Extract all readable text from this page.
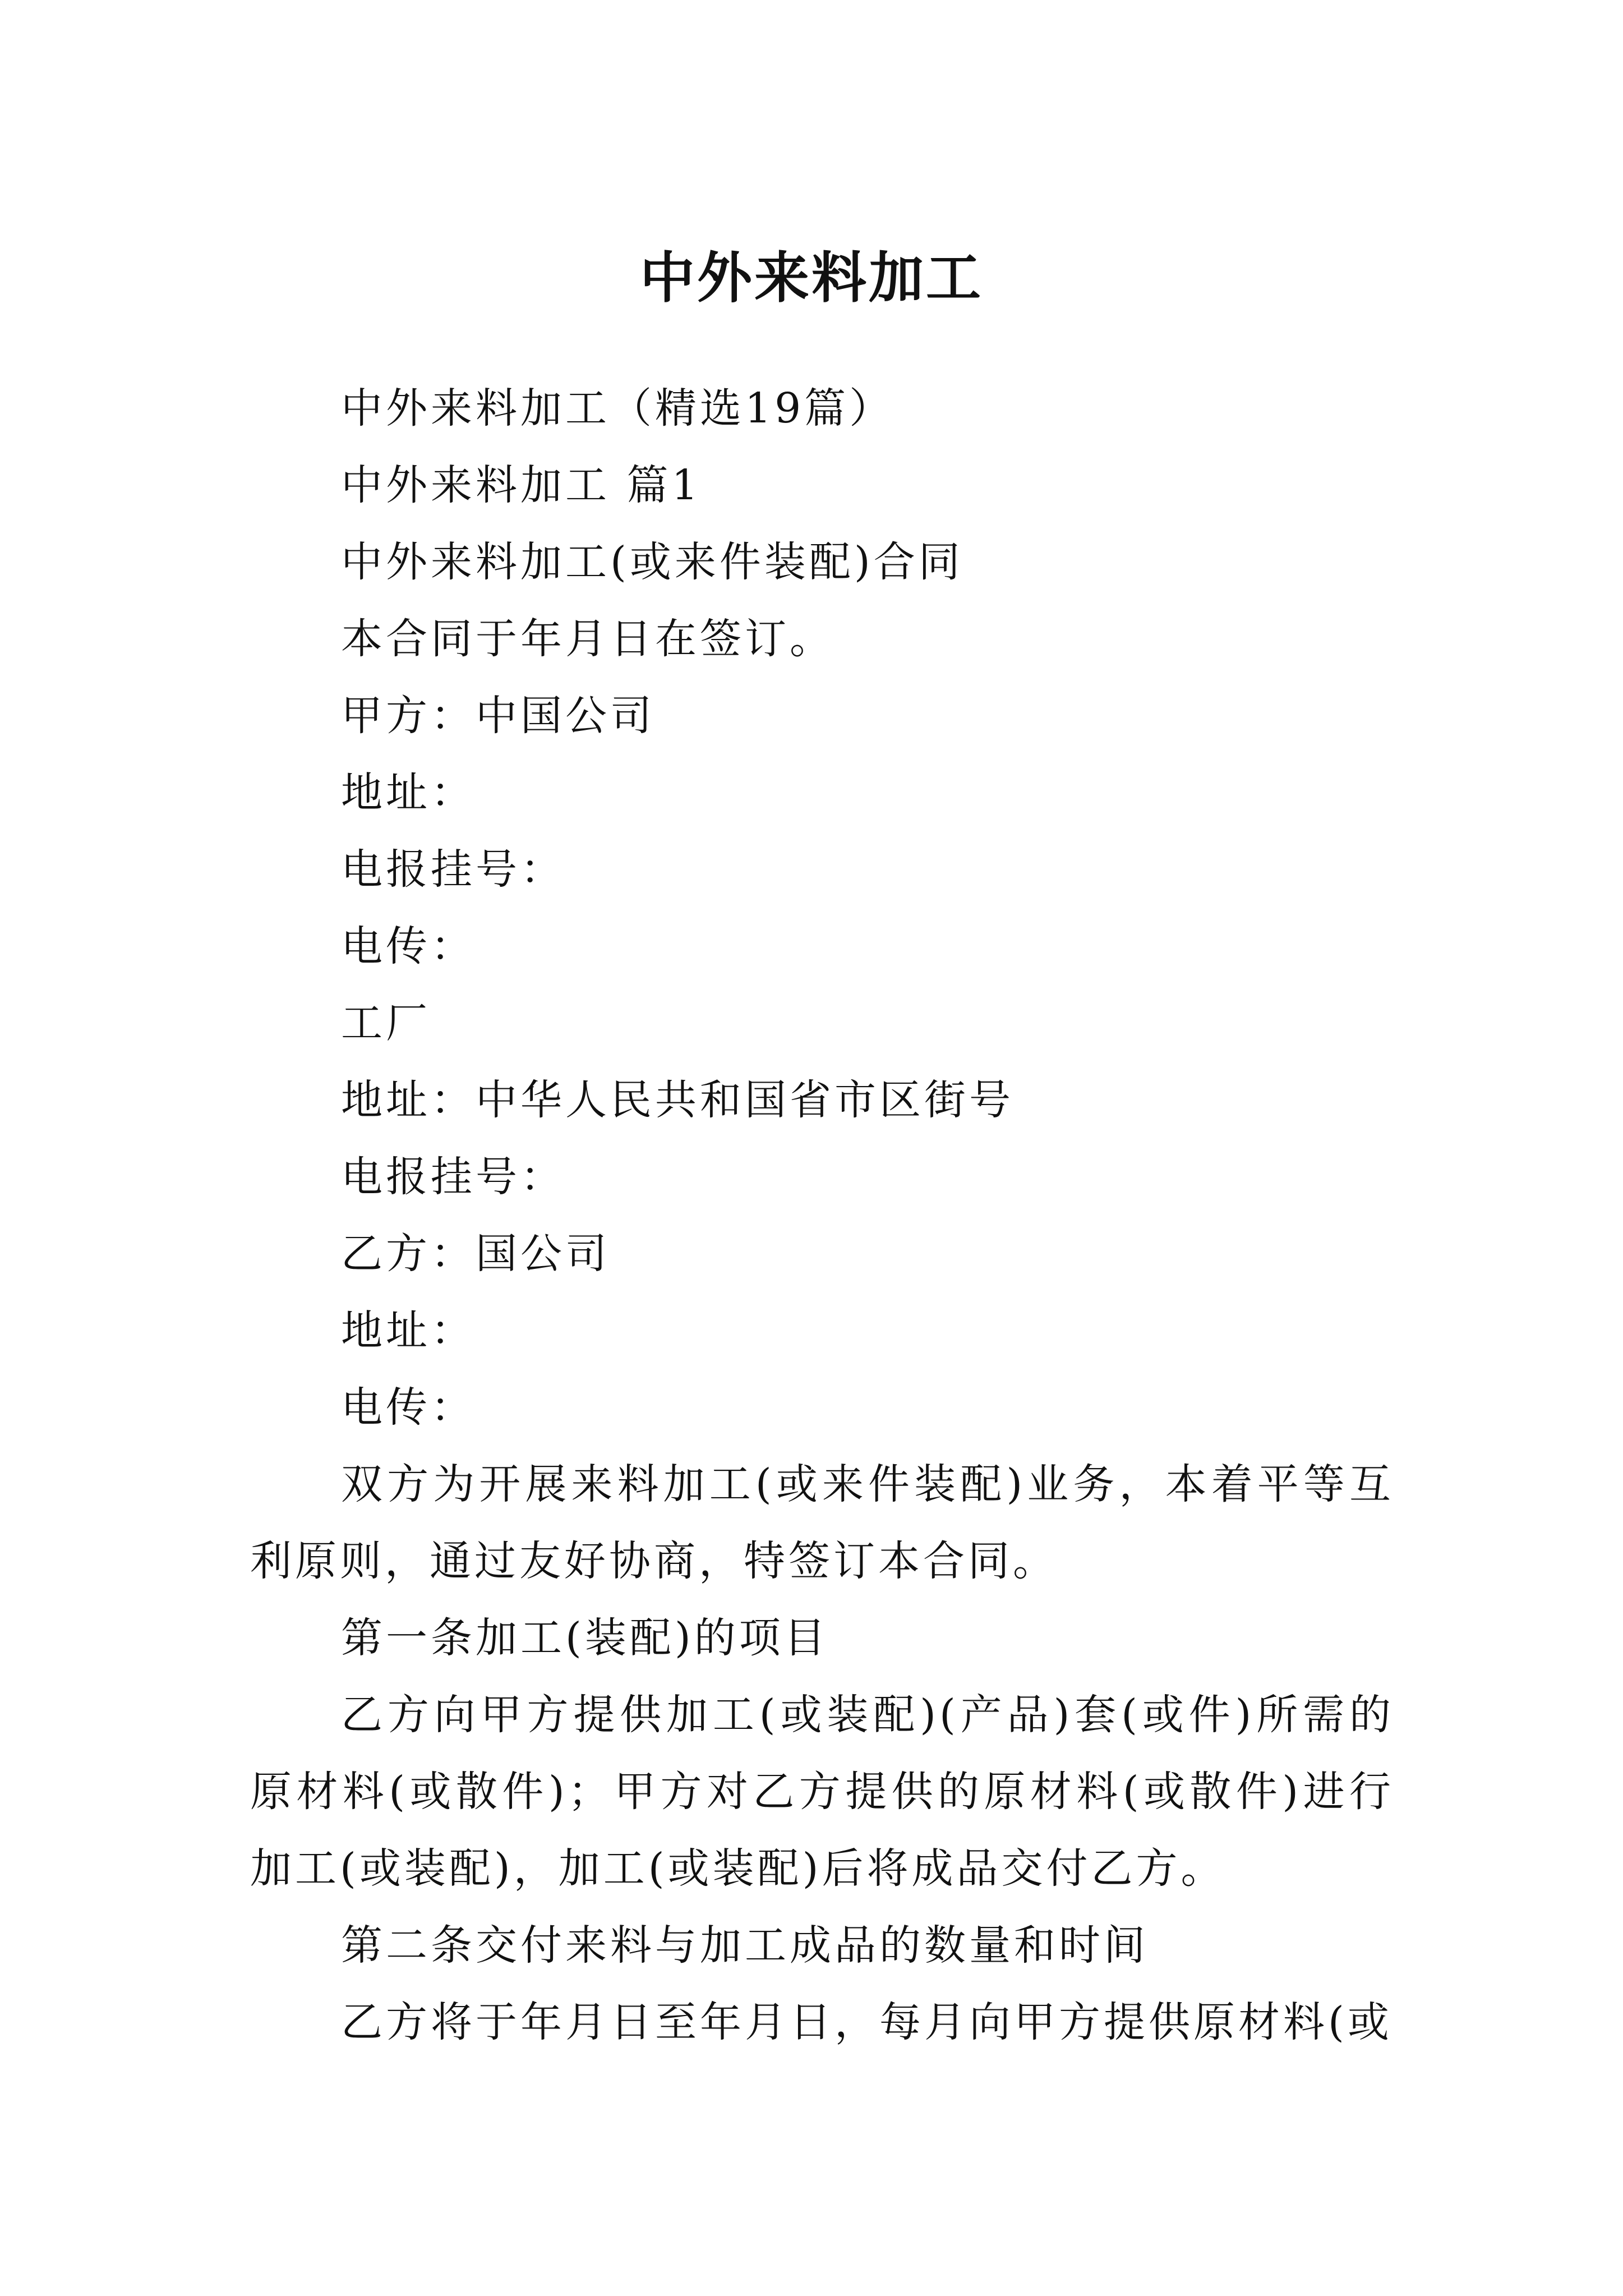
中外来料加工

中外来料加工（精选19篇）

中外来料加工 篇1

中外来料加工(或来件装配)合同

本合同于年月日在签订。

甲方：中国公司

地址：

电报挂号：

电传：

工厂

地址：中华人民共和国省市区街号

电报挂号：

乙方：国公司

地址：

电传：

双方为开展来料加工(或来件装配)业务，本着平等互利原则，通过友好协商，特签订本合同。

第一条加工(装配)的项目

乙方向甲方提供加工(或装配)(产品)套(或件)所需的原材料(或散件)；甲方对乙方提供的原材料(或散件)进行加工(或装配)，加工(或装配)后将成品交付乙方。

第二条交付来料与加工成品的数量和时间

乙方将于年月日至年月日，每月向甲方提供原材料(或
